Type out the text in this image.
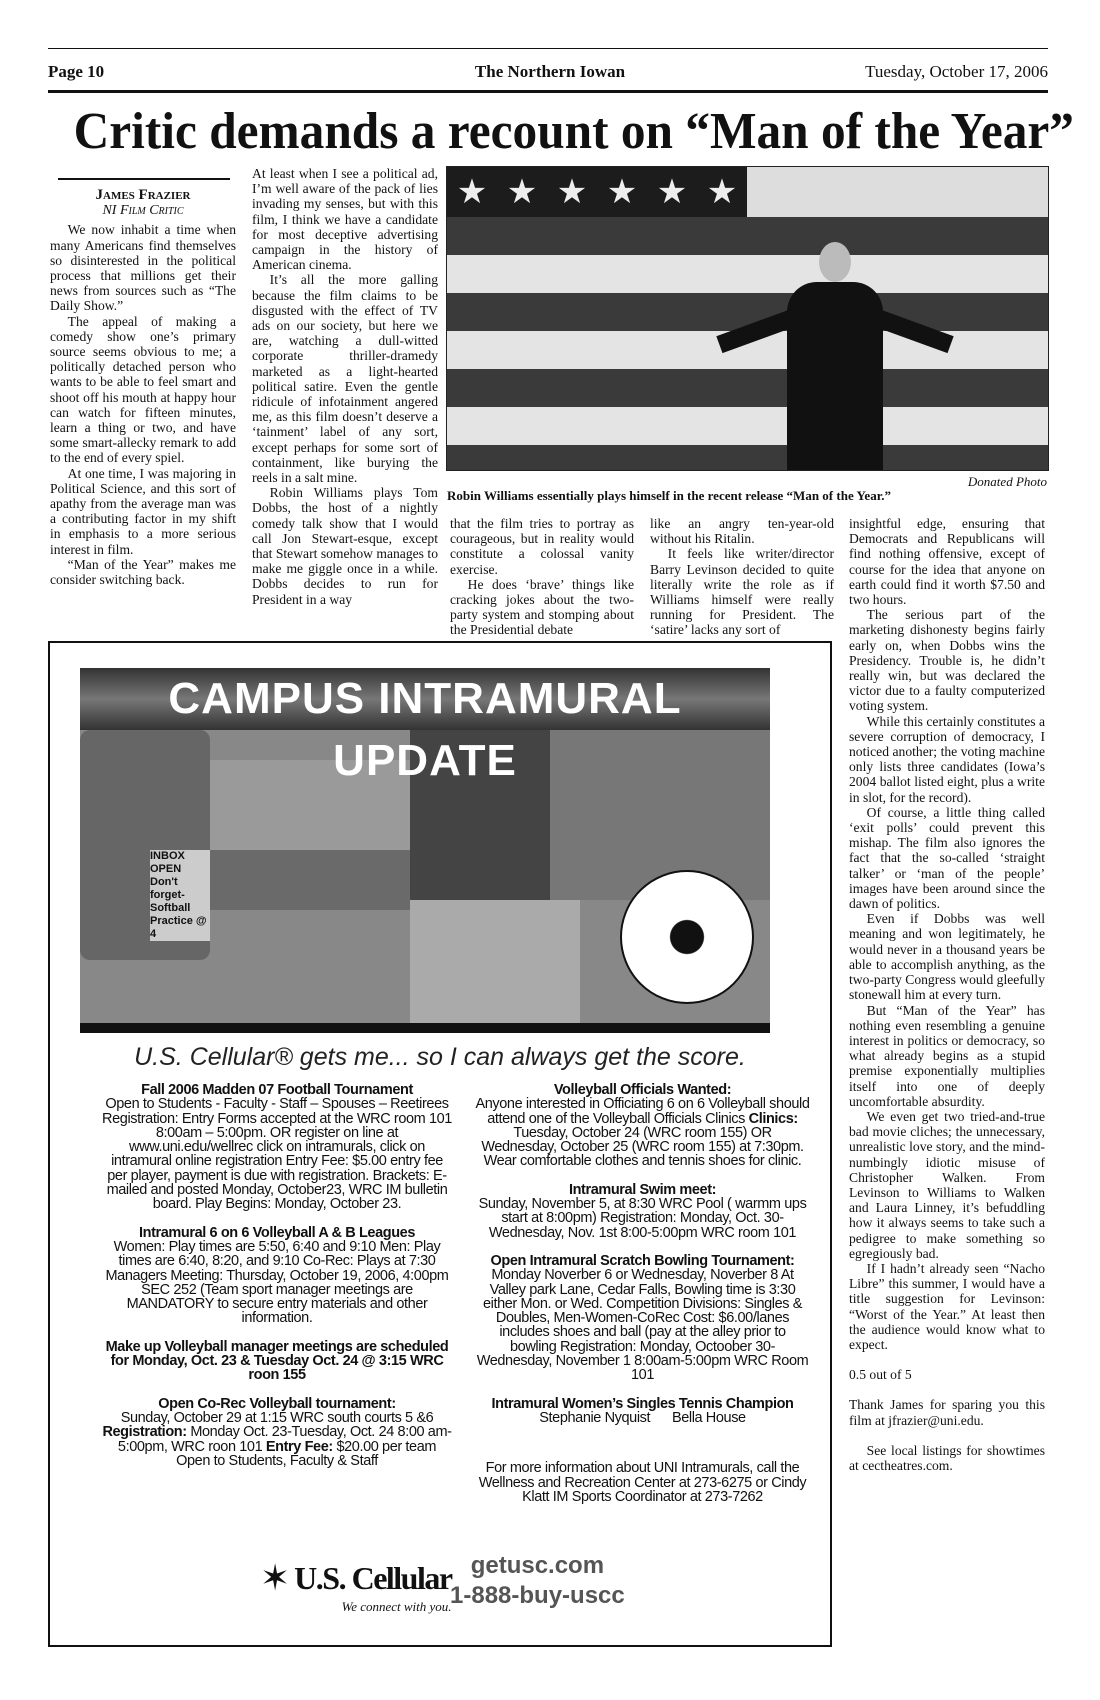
Page 10	The Northern Iowan	Tuesday, October 17, 2006
Critic demands a recount on “Man of the Year”
James Frazier
NI Film Critic

We now inhabit a time when many Americans find themselves so disinterested in the political process that millions get their news from sources such as “The Daily Show.”

The appeal of making a comedy show one’s primary source seems obvious to me; a politically detached person who wants to be able to feel smart and shoot off his mouth at happy hour can watch for fifteen minutes, learn a thing or two, and have some smart-allecky remark to add to the end of every spiel.

At one time, I was majoring in Political Science, and this sort of apathy from the average man was a contributing factor in my shift in emphasis to a more serious interest in film.

“Man of the Year” makes me consider switching back.

At least when I see a political ad, I’m well aware of the pack of lies invading my senses, but with this film, I think we have a candidate for most deceptive advertising campaign in the history of American cinema.

It’s all the more galling because the film claims to be disgusted with the effect of TV ads on our society, but here we are, watching a dull-witted corporate thriller-dramedy marketed as a light-hearted political satire. Even the gentle ridicule of infotainment angered me, as this film doesn’t deserve a ‘tainment’ label of any sort, except perhaps for some sort of containment, like burying the reels in a salt mine.

Robin Williams plays Tom Dobbs, the host of a nightly comedy talk show that I would call Jon Stewart-esque, except that Stewart somehow manages to make me giggle once in a while. Dobbs decides to run for President in a way

★ ★ ★ ★ ★ ★
Donated Photo
Robin Williams essentially plays himself in the recent release “Man of the Year.”

that the film tries to portray as courageous, but in reality would constitute a colossal vanity exercise.

He does ‘brave’ things like cracking jokes about the two-party system and stomping about the Presidential debate

like an angry ten-year-old without his Ritalin.

It feels like writer/director Barry Levinson decided to quite literally write the role as if Williams himself were really running for President. The ‘satire’ lacks any sort of

insightful edge, ensuring that Democrats and Republicans will find nothing offensive, except of course for the idea that anyone on earth could find it worth $7.50 and two hours.

The serious part of the marketing dishonesty begins fairly early on, when Dobbs wins the Presidency. Trouble is, he didn’t really win, but was declared the victor due to a faulty computerized voting system.

While this certainly constitutes a severe corruption of democracy, I noticed another; the voting machine only lists three candidates (Iowa’s 2004 ballot listed eight, plus a write in slot, for the record).

Of course, a little thing called ‘exit polls’ could prevent this mishap. The film also ignores the fact that the so-called ‘straight talker’ or ‘man of the people’ images have been around since the dawn of politics.

Even if Dobbs was well meaning and won legitimately, he would never in a thousand years be able to accomplish anything, as the two-party Congress would gleefully stonewall him at every turn.

But “Man of the Year” has nothing even resembling a genuine interest in politics or democracy, so what already begins as a stupid premise exponentially multiplies itself into one of deeply uncomfortable absurdity.

We even get two tried-and-true bad movie cliches; the unnecessary, unrealistic love story, and the mind-numbingly idiotic misuse of Christopher Walken. From Levinson to Williams to Walken and Laura Linney, it’s befuddling how it always seems to take such a pedigree to make something so egregiously bad.

If I hadn’t already seen “Nacho Libre” this summer, I would have a title suggestion for Levinson: “Worst of the Year.” At least then the audience would know what to expect.

0.5 out of 5

Thank James for sparing you this film at jfrazier@uni.edu.

See local listings for showtimes at cectheatres.com.

INBOX OPEN Don't forget- Softball Practice @ 4
CAMPUS INTRAMURAL UPDATE
U.S. Cellular® gets me... so I can always get the score.
Fall 2006 Madden 07 Football Tournament
Open to Students - Faculty - Staff – Spouses – Reetirees Registration: Entry Forms accepted at the WRC room 101 8:00am – 5:00pm. OR register on line at www.uni.edu/wellrec click on intramurals, click on intramural online registration Entry Fee: $5.00 entry fee per player, payment is due with registration. Brackets: E-mailed and posted Monday, October23, WRC IM bulletin board. Play Begins: Monday, October 23.
Intramural 6 on 6 Volleyball A & B Leagues
Women: Play times are 5:50, 6:40 and 9:10 Men: Play times are 6:40, 8:20, and 9:10 Co-Rec: Plays at 7:30 Managers Meeting: Thursday, October 19, 2006, 4:00pm SEC 252 (Team sport manager meetings are MANDATORY to secure entry materials and other information.
Make up Volleyball manager meetings are scheduled for Monday, Oct. 23 & Tuesday Oct. 24 @ 3:15 WRC roon 155
Open Co-Rec Volleyball tournament:
Sunday, October 29 at 1:15 WRC south courts 5 &6 Registration: Monday Oct. 23-Tuesday, Oct. 24 8:00 am-5:00pm, WRC roon 101 Entry Fee: $20.00 per team Open to Students, Faculty & Staff
Volleyball Officials Wanted:
Anyone interested in Officiating 6 on 6 Volleyball should attend one of the Volleyball Officials Clinics Clinics: Tuesday, October 24 (WRC room 155) OR Wednesday, October 25 (WRC room 155) at 7:30pm. Wear comfortable clothes and tennis shoes for clinic.
Intramural Swim meet:
Sunday, November 5, at 8:30 WRC Pool ( warmm ups start at 8:00pm) Registration: Monday, Oct. 30-Wednesday, Nov. 1st 8:00-5:00pm WRC room 101
Open Intramural Scratch Bowling Tournament:
Monday Noverber 6 or Wednesday, Noverber 8 At Valley park Lane, Cedar Falls, Bowling time is 3:30 either Mon. or Wed. Competition Divisions: Singles & Doubles, Men-Women-CoRec Cost: $6.00/lanes includes shoes and ball (pay at the alley prior to bowling Registration: Monday, Octoober 30-Wednesday, November 1 8:00am-5:00pm WRC Room 101
Intramural Women’s Singles Tennis Champion
Stephanie Nyquist Bella House
For more information about UNI Intramurals, call the Wellness and Recreation Center at 273-6275 or Cindy Klatt IM Sports Coordinator at 273-7262
✶ U.S. Cellular
We connect with you.
getusc.com
1-888-buy-uscc
